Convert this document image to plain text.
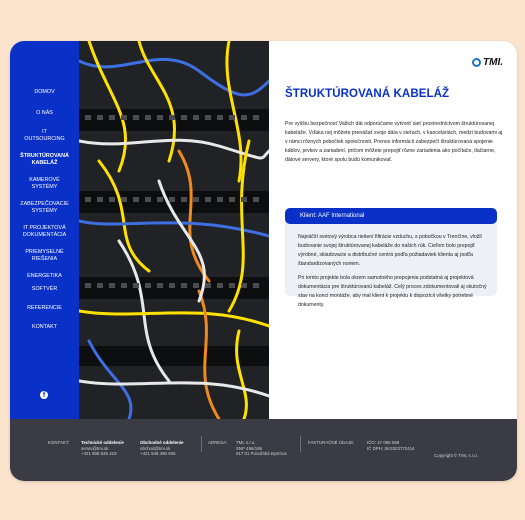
DOMOV
O NÁS
IT OUTSOURCING
ŠTRUKTÚROVANÁ KABELÁŽ
KAMEROVÉ SYSTÉMY
ZABEZPEČOVACIE SYSTÉMY
IT PROJEKTOVÁ DOKUMENTÁCIA
PRIEMYSELNÉ RIEŠENIA
ENERGETIKA
SOFTVÉR
REFERENCIE
KONTAKT
f
TMI.
ŠTRUKTÚROVANÁ KABELÁŽ

Pre vyššiu bezpečnosť Vašich dát odporúčame vytvoriť sieť prostredníctvom štruktúrovanej kabeláže. Vďaka nej môžete prenášať svoje dáta v sieťach, v kanceláriách, medzi budovami aj v rámci rôznych pobočiek spoločnosti. Prenos informácií zabezpečí štruktúrovaná spojenie káblov, prvkov a zariadení, pričom môžete prepojiť rôzne zariadenia ako počítače, tlačiarne, dátové servery, ktoré spolu budú komunikovať.

Klient: AAF International

Najväčší svetový výrobca riešení filtrácie vzduchu, s pobočkou v Trenčíne, vložil budovanie svojej štruktúrovanej kabeláže do našich rúk. Cieľom bolo prepojiť výrobné, skladovacie a distribučné centrá podľa požiadaviek klienta aj podľa štandardizovaných noriem.

Pri tomto projekte bola okrem samotného prepojenia podstatná aj projektová dokumentácia pre štruktúrovanú kabeláž. Celý proces zdokumentovali aj skutočný stav na konci montáže, aby mal klient k projektu k dispozícii všetky potrebné dokumenty.

KONTAKT:	Technické oddelenie
servis@tmi.sk
+421 908 525 419
Obchodné oddelenie
obchod@tmi.sk
+421 948 490 945
ADRESA: TMI, s.r.o.
SNP 496/196
017 01 Považská Bystrica
FAKTURAČNÉ ÚDAJE:	IČO: 47 095 068
IČ DPH: SK2023772414
Copyright © TMI, s.r.o.
